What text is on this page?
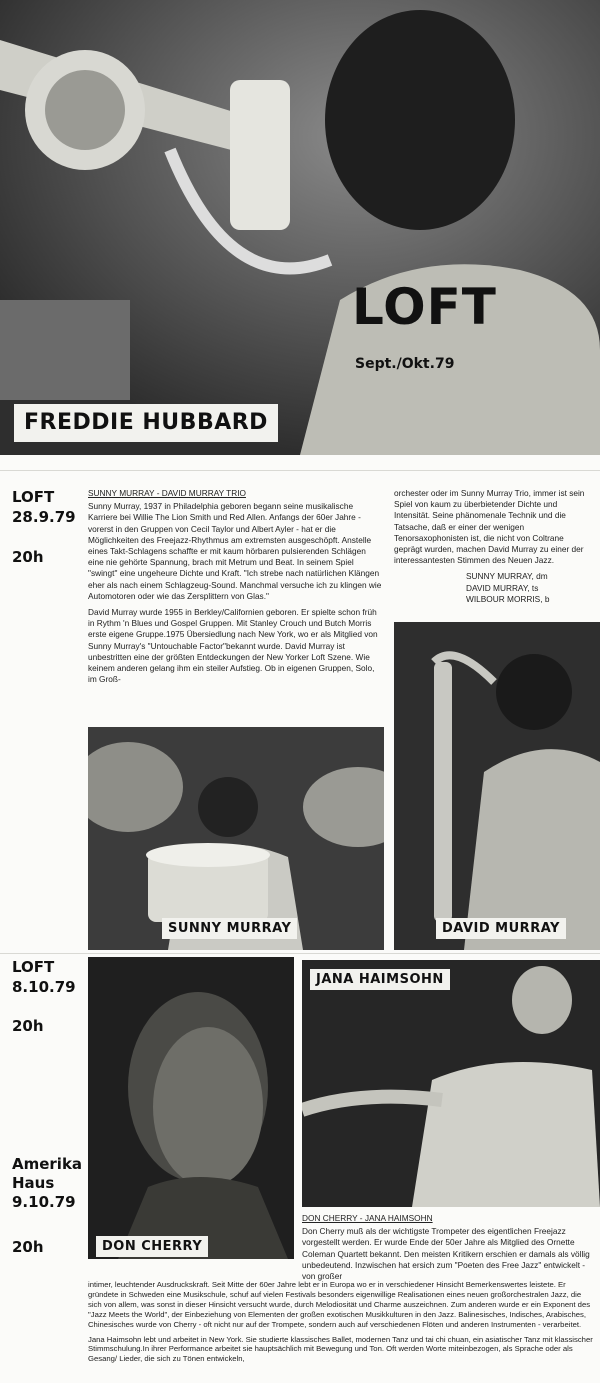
LOFT
Sept./Okt.79
FREDDIE HUBBARD
LOFT
28.9.79
20h

SUNNY MURRAY - DAVID MURRAY TRIO

Sunny Murray, 1937 in Philadelphia geboren begann seine musikalische Karriere bei Willie The Lion Smith und Red Allen. Anfangs der 60er Jahre - vorerst in den Gruppen von Cecil Taylor und Albert Ayler - hat er die Möglichkeiten des Freejazz-Rhythmus am extremsten ausgeschöpft. Anstelle eines Takt-Schlagens schaffte er mit kaum hörbaren pulsierenden Schlägen eine nie gehörte Spannung, brach mit Metrum und Beat. In seinem Spiel "swingt" eine ungeheure Dichte und Kraft. "Ich strebe nach natürlichen Klängen eher als nach einem Schlagzeug-Sound. Manchmal versuche ich zu klingen wie Automotoren oder wie das Zersplittern von Glas."

David Murray wurde 1955 in Berkley/Californien geboren. Er spielte schon früh in Rythm 'n Blues und Gospel Gruppen. Mit Stanley Crouch und Butch Morris erste eigene Gruppe.1975 Übersiedlung nach New York, wo er als Mitglied von Sunny Murray's "Untouchable Factor"bekannt wurde. David Murray ist unbestritten eine der größten Entdeckungen der New Yorker Loft Szene. Wie keinem anderen gelang ihm ein steiler Aufstieg. Ob in eigenen Gruppen, Solo, im Groß-

orchester oder im Sunny Murray Trio, immer ist sein Spiel von kaum zu überbietender Dichte und Intensität. Seine phänomenale Technik und die Tatsache, daß er einer der wenigen Tenorsaxophonisten ist, die nicht von Coltrane geprägt wurden, machen David Murray zu einer der interessantesten Stimmen des Neuen Jazz.

SUNNY MURRAY, dm
DAVID MURRAY, ts
WILBOUR MORRIS, b
SUNNY MURRAY	DAVID MURRAY
LOFT
8.10.79
20h
Amerika
Haus
9.10.79
20h	DON CHERRY
JANA HAIMSOHN

DON CHERRY - JANA HAIMSOHN

Don Cherry muß als der wichtigste Trompeter des eigentlichen Freejazz vorgestellt werden. Er wurde Ende der 50er Jahre als Mitglied des Ornette Coleman Quartett bekannt. Den meisten Kritikern erschien er damals als völlig unbedeutend. Inzwischen hat ersich zum "Poeten des Free Jazz" entwickelt - von großer

intimer, leuchtender Ausdruckskraft. Seit Mitte der 60er Jahre lebt er in Europa wo er in verschiedener Hinsicht Bemerkenswertes leistete. Er gründete in Schweden eine Musikschule, schuf auf vielen Festivals besonders eigenwillige Realisationen eines neuen großorchestralen Jazz, die sich von allem, was sonst in dieser Hinsicht versucht wurde, durch Melodiosität und Charme auszeichnen. Zum anderen wurde er ein Exponent des "Jazz Meets the World", der Einbeziehung von Elementen der großen exotischen Musikkulturen in den Jazz. Balinesisches, Indisches, Arabisches, Chinesisches wurde von Cherry - oft nicht nur auf der Trompete, sondern auch auf verschiedenen Flöten und anderen Instrumenten - verarbeitet.

Jana Haimsohn lebt und arbeitet in New York. Sie studierte klassisches Ballet, modernen Tanz und tai chi chuan, ein asiatischer Tanz mit klassischer Stimmschulung.In ihrer Performance arbeitet sie hauptsächlich mit Bewegung und Ton. Oft werden Worte miteinbezogen, als Sprache oder als Gesang/ Lieder, die sich zu Tönen entwickeln,
